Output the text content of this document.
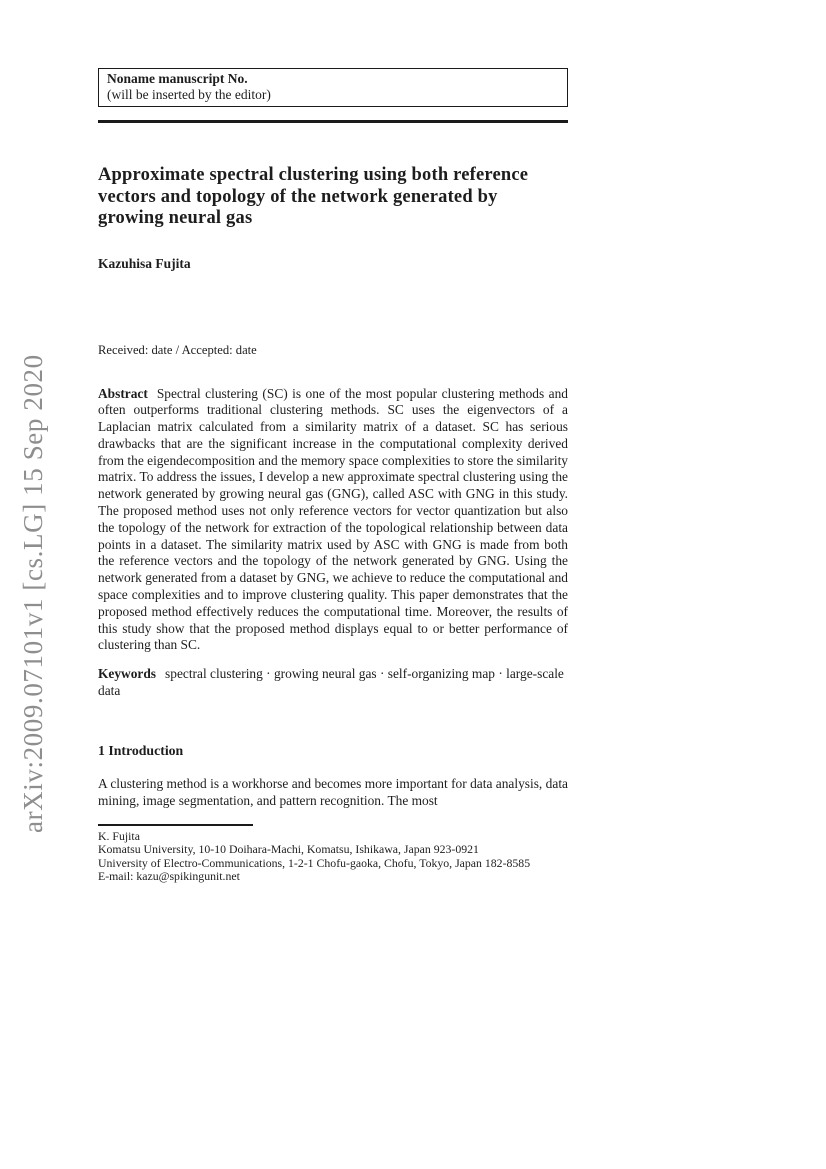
arXiv:2009.07101v1 [cs.LG] 15 Sep 2020
Noname manuscript No.
(will be inserted by the editor)
Approximate spectral clustering using both reference
vectors and topology of the network generated by
growing neural gas
Kazuhisa Fujita
Received: date / Accepted: date

Abstract Spectral clustering (SC) is one of the most popular clustering methods and often outperforms traditional clustering methods. SC uses the eigenvectors of a Laplacian matrix calculated from a similarity matrix of a dataset. SC has serious drawbacks that are the significant increase in the computational complexity derived from the eigendecomposition and the memory space complexities to store the similarity matrix. To address the issues, I develop a new approximate spectral clustering using the network generated by growing neural gas (GNG), called ASC with GNG in this study. The proposed method uses not only reference vectors for vector quantization but also the topology of the network for extraction of the topological relationship between data points in a dataset. The similarity matrix used by ASC with GNG is made from both the reference vectors and the topology of the network generated by GNG. Using the network generated from a dataset by GNG, we achieve to reduce the computational and space complexities and to improve clustering quality. This paper demonstrates that the proposed method effectively reduces the computational time. Moreover, the results of this study show that the proposed method displays equal to or better performance of clustering than SC.

Keywords spectral clustering · growing neural gas · self-organizing map · large-scale data

1 Introduction

A clustering method is a workhorse and becomes more important for data analysis, data mining, image segmentation, and pattern recognition. The most

K. Fujita
Komatsu University, 10-10 Doihara-Machi, Komatsu, Ishikawa, Japan 923-0921
University of Electro-Communications, 1-2-1 Chofu-gaoka, Chofu, Tokyo, Japan 182-8585
E-mail: kazu@spikingunit.net
